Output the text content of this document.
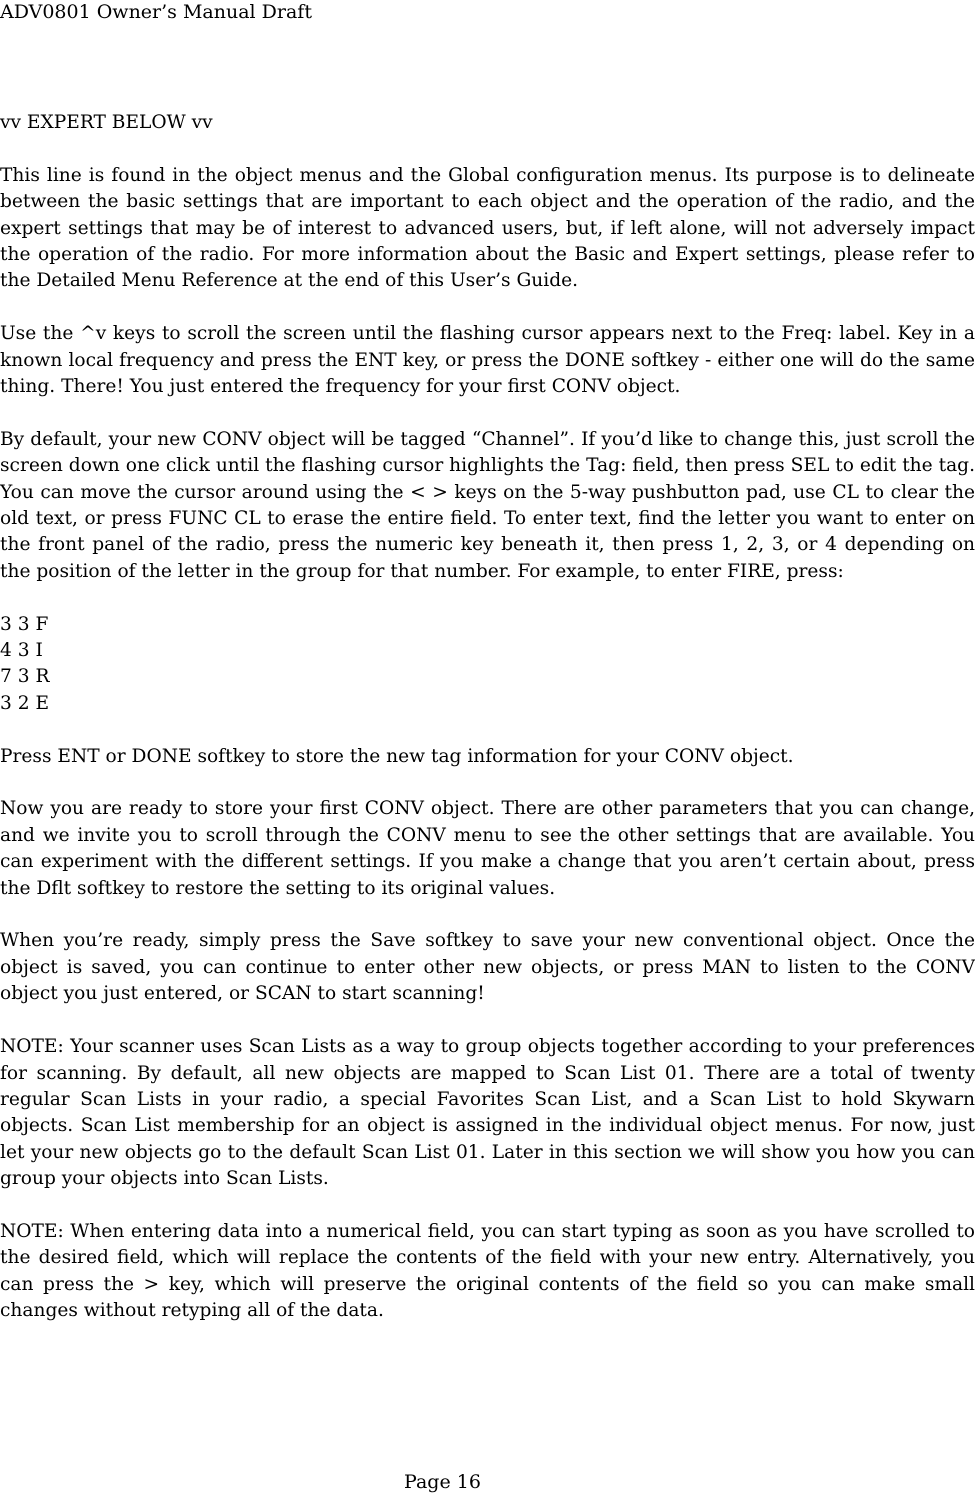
ADV0801 Owner’s Manual Draft

vv EXPERT BELOW vv

This line is found in the object menus and the Global configuration menus. Its purpose is to delineate between the basic settings that are important to each object and the operation of the radio, and the expert settings that may be of interest to advanced users, but, if left alone, will not adversely impact the operation of the radio. For more information about the Basic and Expert settings, please refer to the Detailed Menu Reference at the end of this User’s Guide.

Use the ^v keys to scroll the screen until the flashing cursor appears next to the Freq: label. Key in a known local frequency and press the ENT key, or press the DONE softkey - either one will do the same thing. There! You just entered the frequency for your first CONV object.

By default, your new CONV object will be tagged “Channel”. If you’d like to change this, just scroll the screen down one click until the flashing cursor highlights the Tag: field, then press SEL to edit the tag. You can move the cursor around using the < > keys on the 5-way pushbutton pad, use CL to clear the old text, or press FUNC CL to erase the entire field. To enter text, find the letter you want to enter on the front panel of the radio, press the numeric key beneath it, then press 1, 2, 3, or 4 depending on the position of the letter in the group for that number. For example, to enter FIRE, press:

3 3 F
4 3 I
7 3 R
3 2 E

Press ENT or DONE softkey to store the new tag information for your CONV object.

Now you are ready to store your first CONV object. There are other parameters that you can change, and we invite you to scroll through the CONV menu to see the other settings that are available. You can experiment with the different settings. If you make a change that you aren’t certain about, press the Dflt softkey to restore the setting to its original values.

When you’re ready, simply press the Save softkey to save your new conventional object. Once the object is saved, you can continue to enter other new objects, or press MAN to listen to the CONV object you just entered, or SCAN to start scanning!

NOTE: Your scanner uses Scan Lists as a way to group objects together according to your preferences for scanning. By default, all new objects are mapped to Scan List 01. There are a total of twenty regular Scan Lists in your radio, a special Favorites Scan List, and a Scan List to hold Skywarn objects. Scan List membership for an object is assigned in the individual object menus. For now, just let your new objects go to the default Scan List 01. Later in this section we will show you how you can group your objects into Scan Lists.

NOTE: When entering data into a numerical field, you can start typing as soon as you have scrolled to the desired field, which will replace the contents of the field with your new entry. Alternatively, you can press the > key, which will preserve the original contents of the field so you can make small changes without retyping all of the data.

Page 16
